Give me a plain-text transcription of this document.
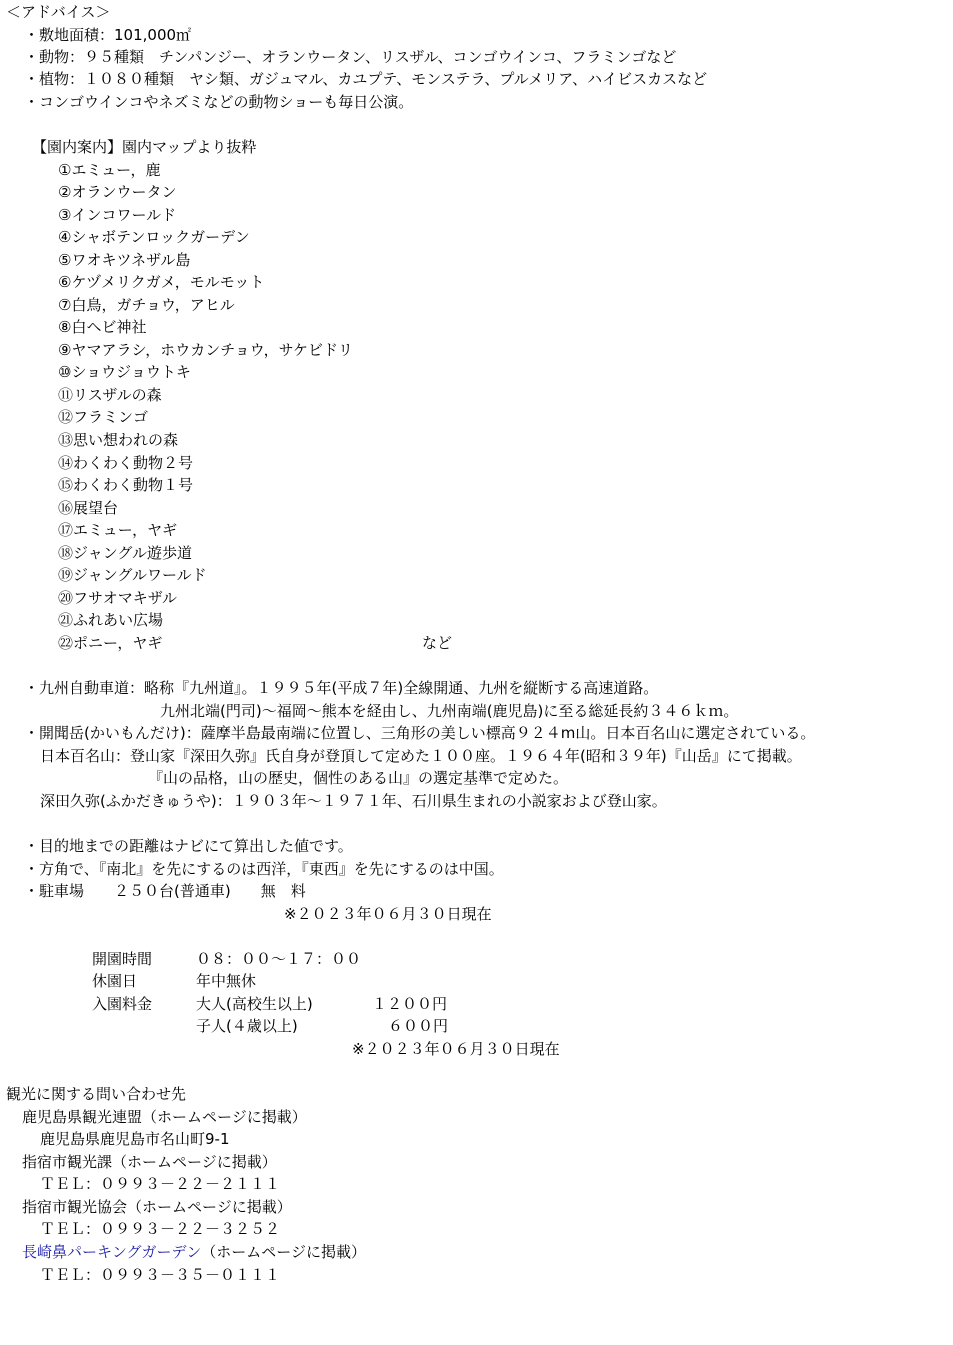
＜アドバイス＞
・敷地面積：101,000㎡
・動物：９５種類　チンパンジー、オランウータン、リスザル、コンゴウインコ、フラミンゴなど
・植物：１０８０種類　ヤシ類、ガジュマル、カユプテ、モンステラ、プルメリア、ハイビスカスなど
・コンゴウインコやネズミなどの動物ショーも毎日公演。
【園内案内】園内マップより抜粋
①エミュー，鹿
②オランウータン
③インコワールド
④シャボテンロックガーデン
⑤ワオキツネザル島
⑥ケヅメリクガメ，モルモット
⑦白鳥，ガチョウ，アヒル
⑧白ヘビ神社
⑨ヤマアラシ，ホウカンチョウ，サケビドリ
⑩ショウジョウトキ
⑪リスザルの森
⑫フラミンゴ
⑬思い想われの森
⑭わくわく動物２号
⑮わくわく動物１号
⑯展望台
⑰エミュー，ヤギ
⑱ジャングル遊歩道
⑲ジャングルワールド
⑳フサオマキザル
㉑ふれあい広場
㉒ポニー，ヤギ	など
・九州自動車道：略称『九州道』。１９９５年(平成７年)全線開通、九州を縦断する高速道路。
九州北端(門司)～福岡～熊本を経由し、九州南端(鹿児島)に至る総延長約３４６ｋｍ。
・開聞岳(かいもんだけ)：薩摩半島最南端に位置し、三角形の美しい標高９２４m山。日本百名山に選定されている。
日本百名山：登山家『深田久弥』氏自身が登頂して定めた１００座。１９６４年(昭和３９年)『山岳』にて掲載。
『山の品格，山の歴史，個性のある山』の選定基準で定めた。
深田久弥(ふかだきゅうや)：１９０３年～１９７１年、石川県生まれの小説家および登山家。
・目的地までの距離はナビにて算出した値です。
・方角で、『南北』を先にするのは西洋，『東西』を先にするのは中国。
・駐車場　　２５０台(普通車)　　無　料
※２０２３年０６月３０日現在
開園時間	０８：００～１７：００
休園日	年中無休
入園料金	大人(高校生以上)	１２００円
子人(４歳以上)	６００円
※２０２３年０６月３０日現在
観光に関する問い合わせ先
鹿児島県観光連盟（ホームページに掲載）
鹿児島県鹿児島市名山町9-1
指宿市観光課（ホームページに掲載）
ＴＥＬ：０９９３－２２－２１１１
指宿市観光協会（ホームページに掲載）
ＴＥＬ：０９９３－２２－３２５２
長崎鼻パーキングガーデン（ホームページに掲載）
ＴＥＬ：０９９３－３５－０１１１
